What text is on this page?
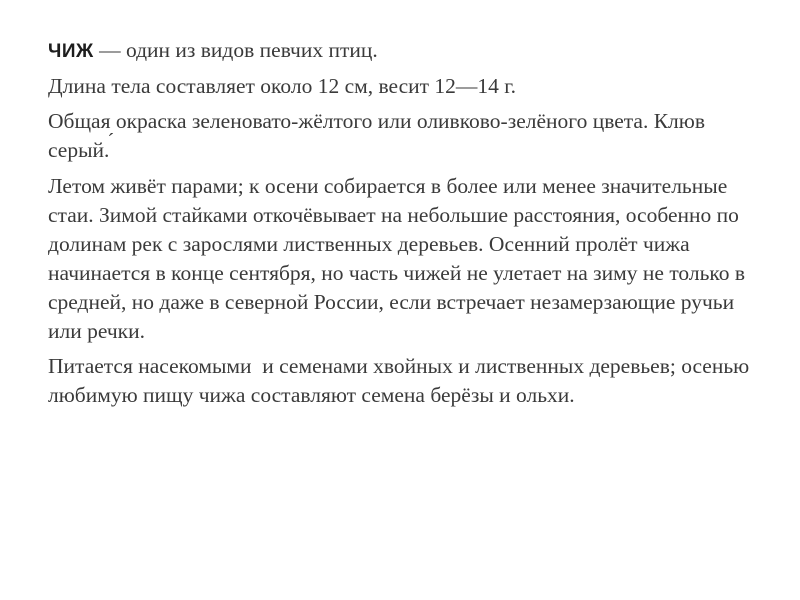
ЧИЖ — один из видов певчих птиц.

Длина тела составляет около 12 см, весит 12—14 г.

Общая окраска зеленовато-жёлтого или оливково-зелёного цвета. Клюв серый.´

Летом живёт парами; к осени собирается в более или менее значительные стаи. Зимой стайками откочёвывает на небольшие расстояния, особенно по долинам рек с зарослями лиственных деревьев. Осенний пролёт чижа начинается в конце сентября, но часть чижей не улетает на зиму не только в средней, но даже в северной России, если встречает незамерзающие ручьи или речки.

Питается насекомыми  и семенами хвойных и лиственных деревьев; осенью любимую пищу чижа составляют семена берёзы и ольхи.
